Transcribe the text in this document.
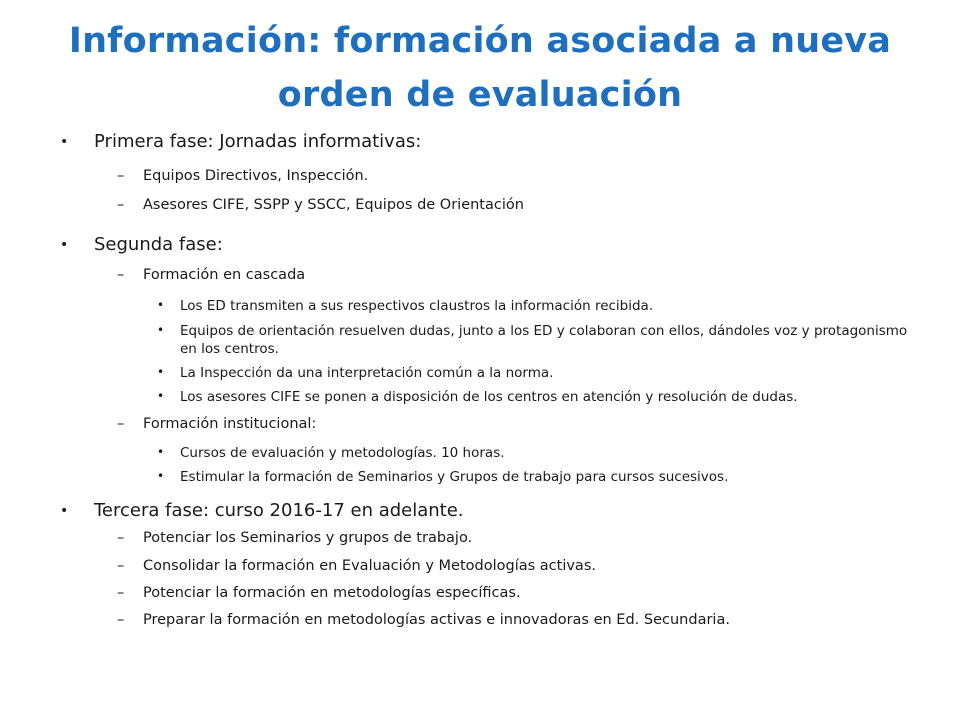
Información: formación asociada a nueva orden de evaluación
• Primera fase: Jornadas informativas:
– Equipos Directivos, Inspección.
– Asesores CIFE, SSPP y SSCC, Equipos de Orientación
• Segunda fase:
– Formación en cascada
• Los ED transmiten a sus respectivos claustros la información recibida.
• Equipos de orientación resuelven dudas, junto a los ED y colaboran con ellos, dándoles voz y protagonismo en los centros.
• La Inspección da una interpretación común a la norma.
• Los asesores CIFE se ponen a disposición de los centros en atención y resolución de dudas.
– Formación institucional:
• Cursos de evaluación y metodologías. 10 horas.
• Estimular la formación de Seminarios y Grupos de trabajo para cursos sucesivos.
• Tercera fase: curso 2016-17 en adelante.
– Potenciar los Seminarios y grupos de trabajo.
– Consolidar la formación en Evaluación y Metodologías activas.
– Potenciar la formación en metodologías específicas.
– Preparar la formación en metodologías activas e innovadoras en Ed. Secundaria.
